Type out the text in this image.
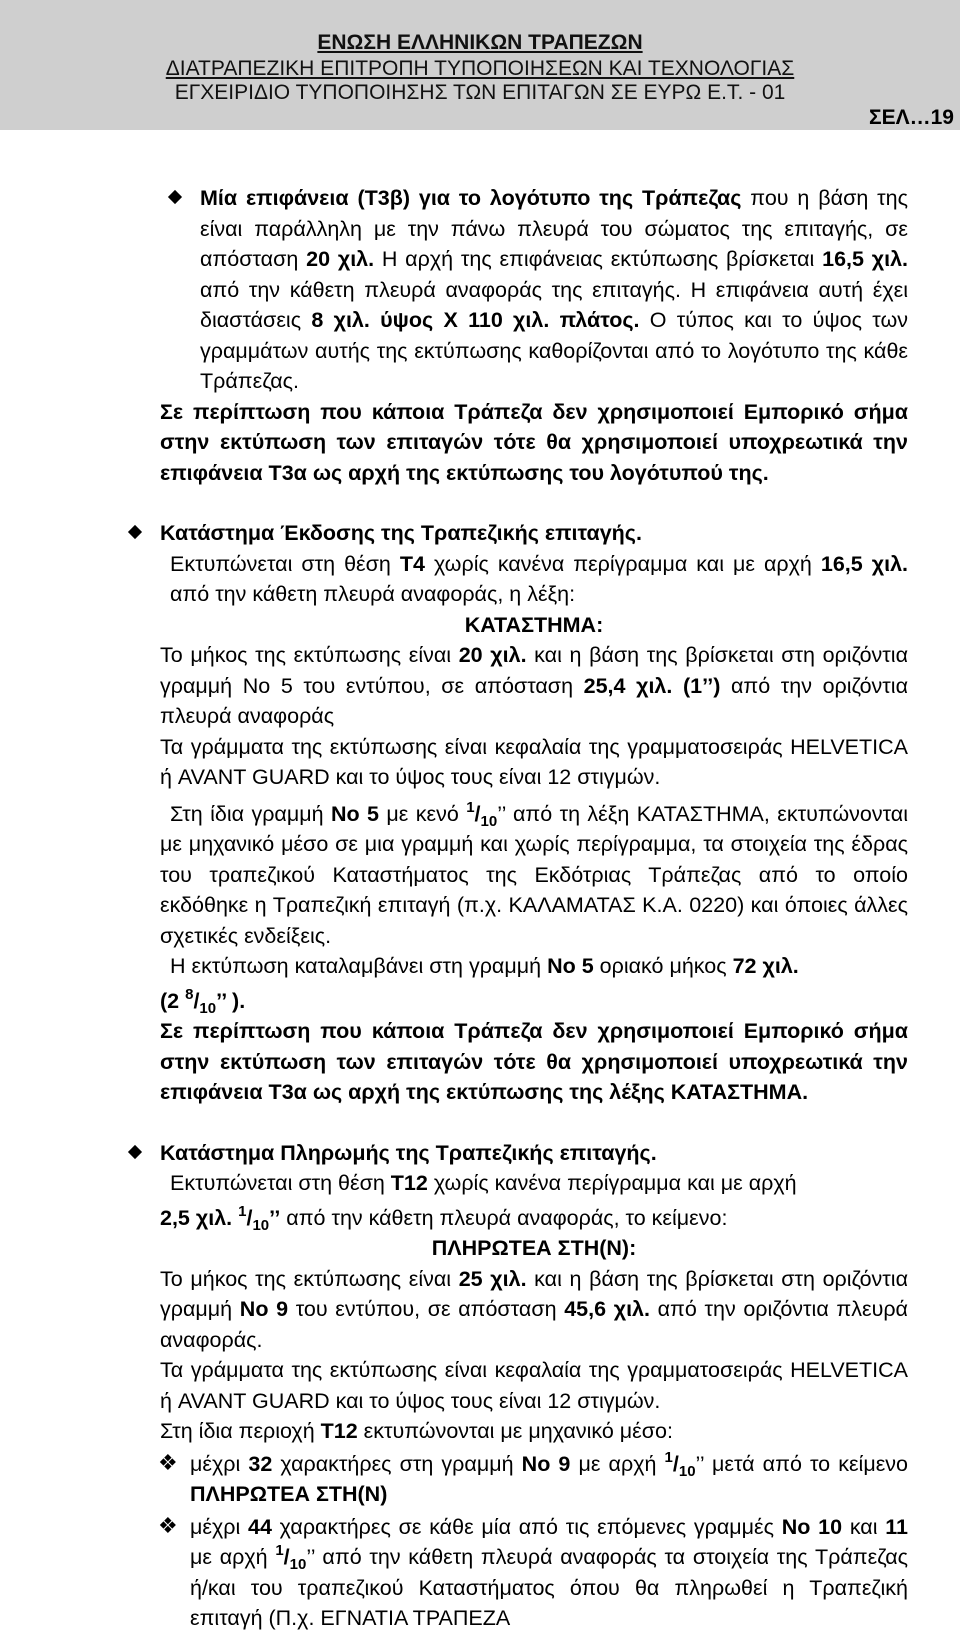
ΕΝΩΣΗ ΕΛΛΗΝΙΚΩΝ ΤΡΑΠΕΖΩΝ
ΔΙΑΤΡΑΠΕΖΙΚΗ ΕΠΙΤΡΟΠΗ ΤΥΠΟΠΟΙΗΣΕΩΝ ΚΑΙ ΤΕΧΝΟΛΟΓΙΑΣ
ΕΓΧΕΙΡΙΔΙΟ ΤΥΠΟΠΟΙΗΣΗΣ ΤΩΝ ΕΠΙΤΑΓΩΝ ΣΕ ΕΥΡΩ Ε.Τ. - 01
ΣΕΛ…19

Μία επιφάνεια (Τ3β) για το λογότυπο της Τράπεζας που η βάση της είναι παράλληλη με την πάνω πλευρά του σώματος της επιταγής, σε απόσταση 20 χιλ. Η αρχή της επιφάνειας εκτύπωσης βρίσκεται 16,5 χιλ. από την κάθετη πλευρά αναφοράς της επιταγής. Η επιφάνεια αυτή έχει διαστάσεις 8 χιλ. ύψος Χ 110 χιλ. πλάτος. Ο τύπος και το ύψος των γραμμάτων αυτής της εκτύπωσης καθορίζονται από το λογότυπο της κάθε Τράπεζας.

Σε περίπτωση που κάποια Τράπεζα δεν χρησιμοποιεί Εμπορικό σήμα στην εκτύπωση των επιταγών τότε θα χρησιμοποιεί υποχρεωτικά την επιφάνεια Τ3α ως αρχή της εκτύπωσης του λογότυπού της.

Κατάστημα Έκδοσης της Τραπεζικής επιταγής.

Εκτυπώνεται στη θέση Τ4 χωρίς κανένα περίγραμμα και με αρχή 16,5 χιλ. από την κάθετη πλευρά αναφοράς, η λέξη:

ΚΑΤΑΣΤΗΜΑ:

Το μήκος της εκτύπωσης είναι 20 χιλ. και η βάση της βρίσκεται στη οριζόντια γραμμή Νο 5 του εντύπου, σε απόσταση 25,4 χιλ. (1’’) από την οριζόντια πλευρά αναφοράς

Τα γράμματα της εκτύπωσης είναι κεφαλαία της γραμματοσειράς HELVETICA ή AVANT GUARD και το ύψος τους είναι 12 στιγμών.

Στη ίδια γραμμή Νο 5 με κενό $^1/_{10}$’’ από τη λέξη ΚΑΤΑΣΤΗΜΑ, εκτυπώνονται με μηχανικό μέσο σε μια γραμμή και χωρίς περίγραμμα, τα στοιχεία της έδρας του τραπεζικού Καταστήματος της Εκδότριας Τράπεζας από το οποίο εκδόθηκε η Τραπεζική επιταγή (π.χ. ΚΑΛΑΜΑΤΑΣ Κ.Α. 0220) και όποιες άλλες σχετικές ενδείξεις.

Η εκτύπωση καταλαμβάνει στη γραμμή Νο 5 οριακό μήκος 72 χιλ.

(2 $^8/_{10}$’’ ).

Σε περίπτωση που κάποια Τράπεζα δεν χρησιμοποιεί Εμπορικό σήμα στην εκτύπωση των επιταγών τότε θα χρησιμοποιεί υποχρεωτικά την επιφάνεια Τ3α ως αρχή της εκτύπωσης της λέξης ΚΑΤΑΣΤΗΜΑ.

Κατάστημα Πληρωμής της Τραπεζικής επιταγής.

Εκτυπώνεται στη θέση Τ12 χωρίς κανένα περίγραμμα και με αρχή

2,5 χιλ. $^1/_{10}$’’ από την κάθετη πλευρά αναφοράς, το κείμενο:

ΠΛΗΡΩΤΕΑ ΣΤΗ(Ν):

Το μήκος της εκτύπωσης είναι 25 χιλ. και η βάση της βρίσκεται στη οριζόντια γραμμή Νο 9 του εντύπου, σε απόσταση 45,6 χιλ. από την οριζόντια πλευρά αναφοράς.

Τα γράμματα της εκτύπωσης είναι κεφαλαία της γραμματοσειράς HELVETICA ή AVANT GUARD και το ύψος τους είναι 12 στιγμών.

Στη ίδια περιοχή Τ12 εκτυπώνονται με μηχανικό μέσο:

❖ μέχρι 32 χαρακτήρες στη γραμμή Νο 9 με αρχή $^1/_{10}$’’ μετά από το κείμενο ΠΛΗΡΩΤΕΑ ΣΤΗ(Ν)

❖ μέχρι 44 χαρακτήρες σε κάθε μία από τις επόμενες γραμμές Νο 10 και 11 με αρχή $^1/_{10}$’’ από την κάθετη πλευρά αναφοράς τα στοιχεία της Τράπεζας ή/και του τραπεζικού Καταστήματος όπου θα πληρωθεί η Τραπεζική επιταγή (Π.χ. ΕΓΝΑΤΙΑ ΤΡΑΠΕΖΑ
